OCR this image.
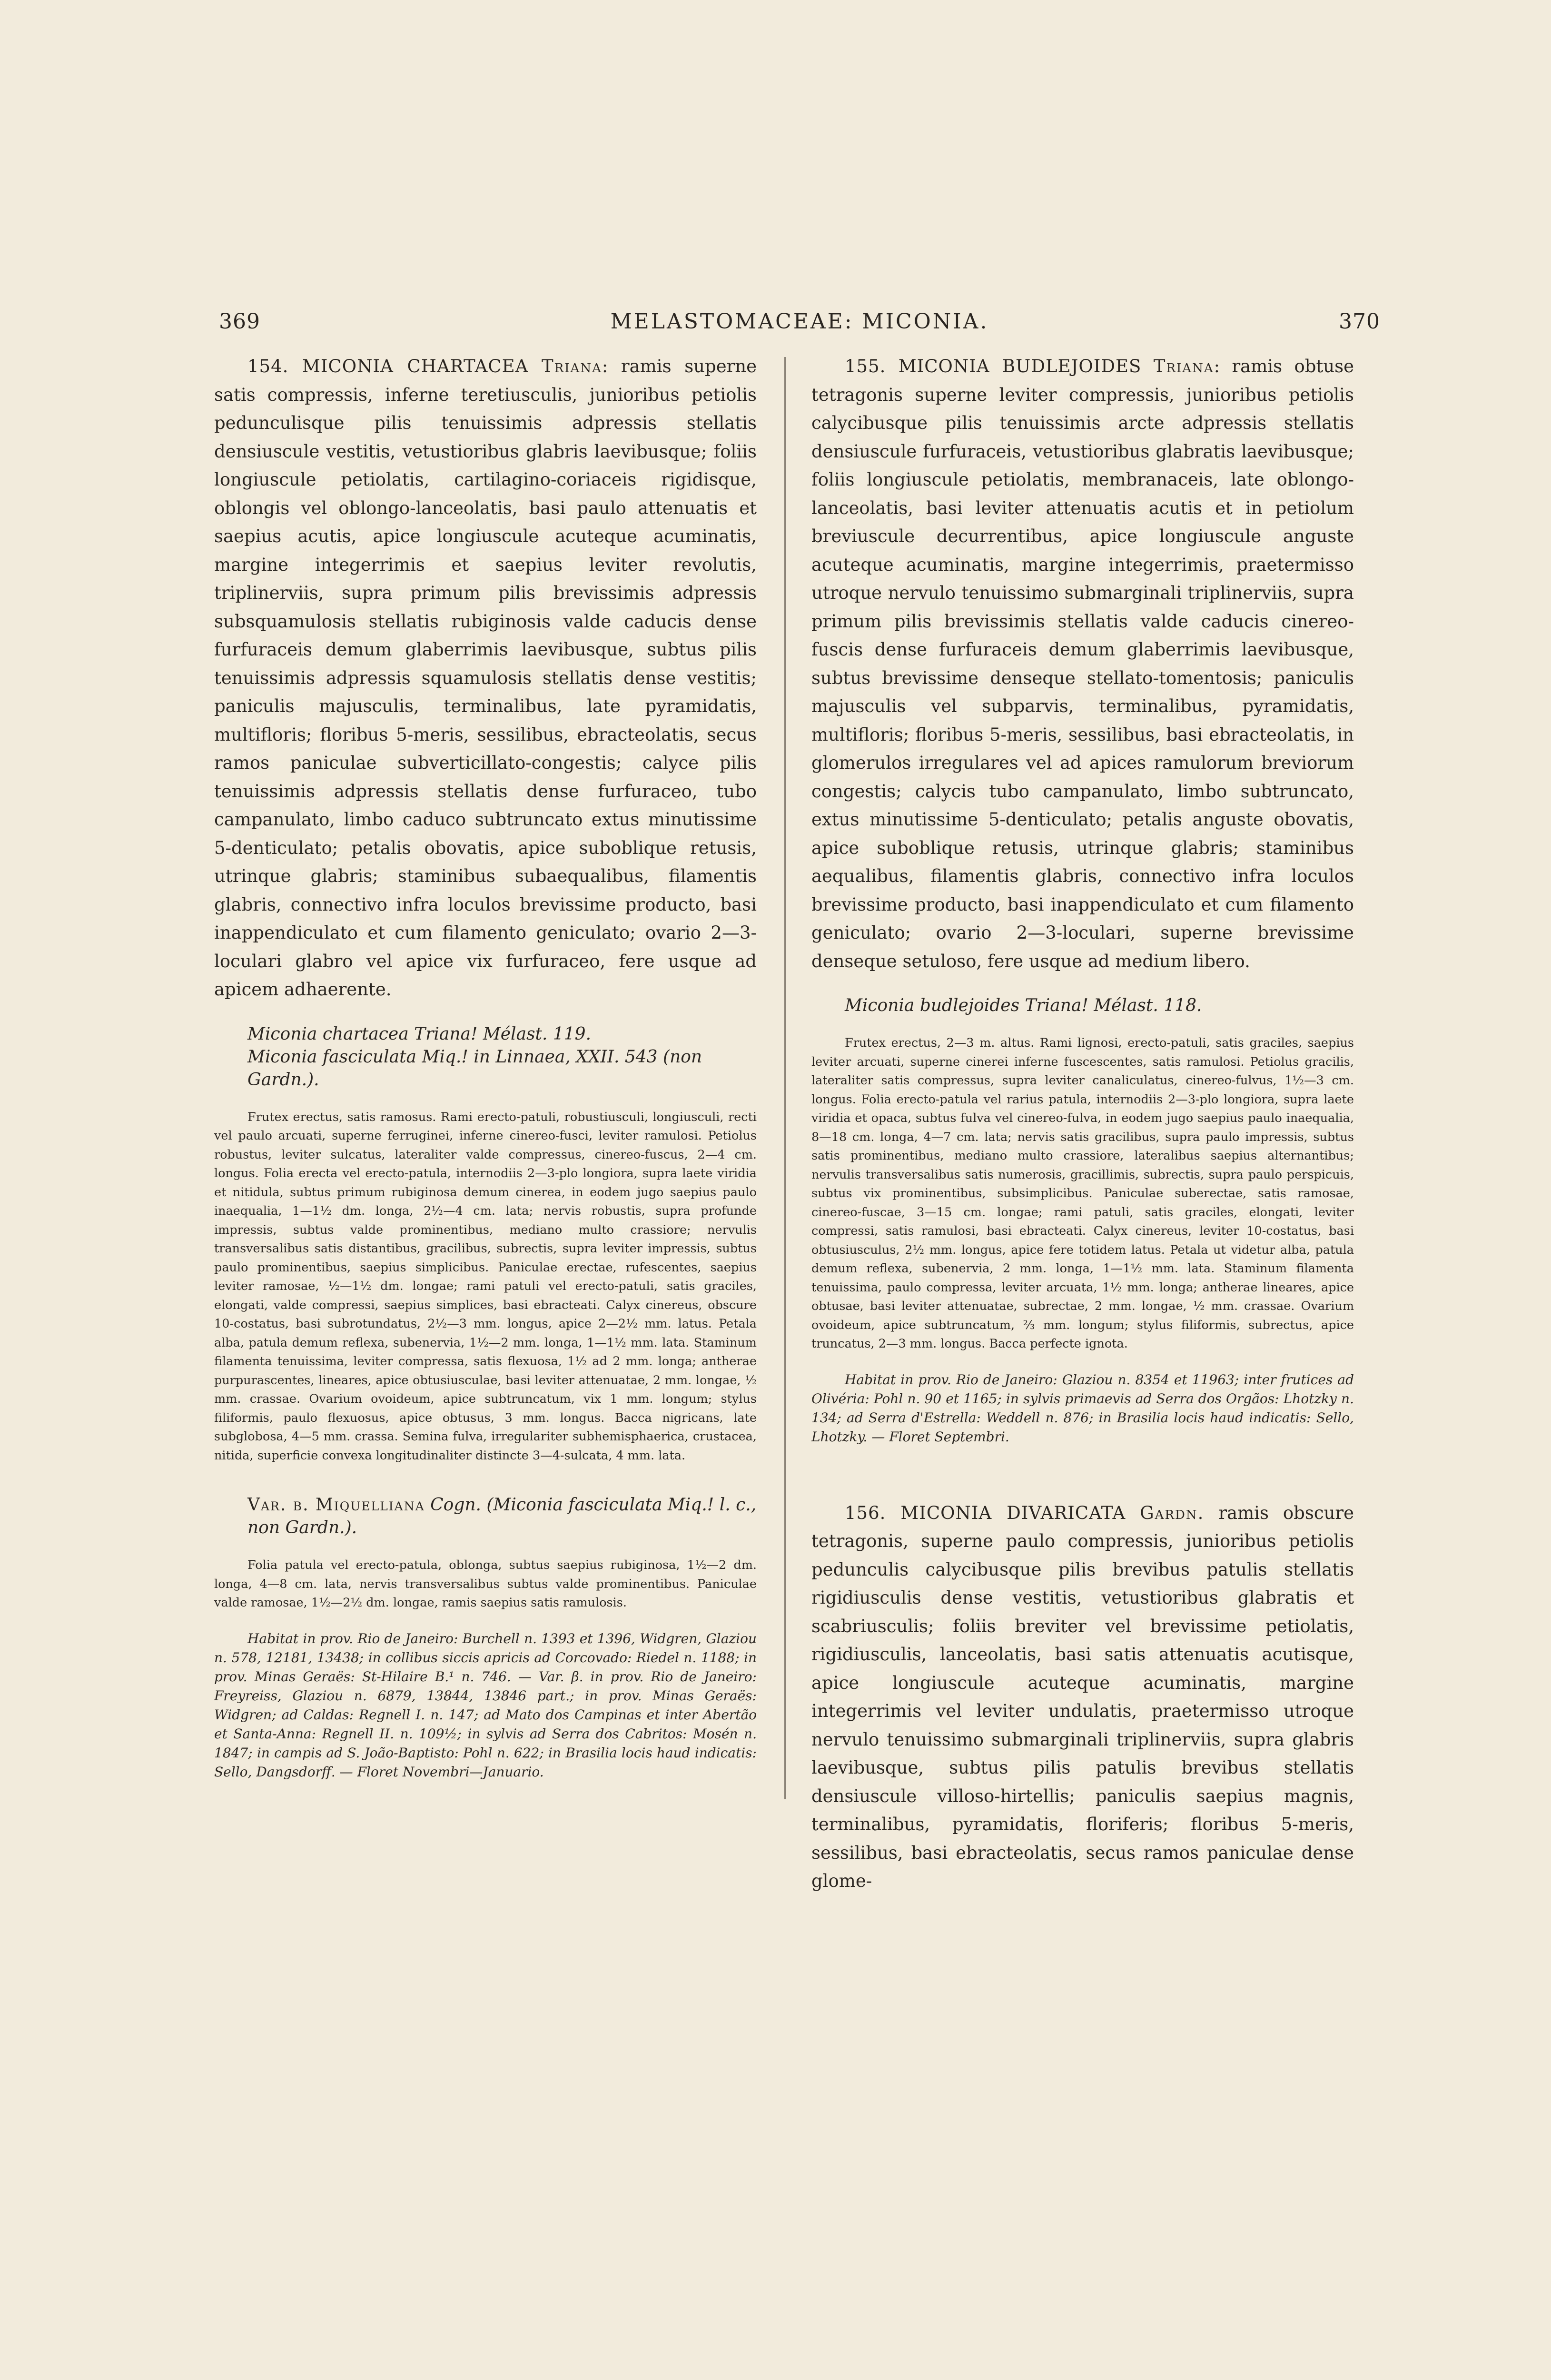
369	MELASTOMACEAE: MICONIA.	370

154. MICONIA CHARTACEA Triana: ramis superne satis compressis, inferne teretiusculis, junioribus petiolis pedunculisque pilis tenuissimis adpressis stellatis densiuscule vestitis, vetustioribus glabris laevibusque; foliis longiuscule petiolatis, cartilagino-coriaceis rigidisque, oblongis vel oblongo-lanceolatis, basi paulo attenuatis et saepius acutis, apice longiuscule acuteque acuminatis, margine integerrimis et saepius leviter revolutis, triplinerviis, supra primum pilis brevissimis adpressis subsquamulosis stellatis rubiginosis valde caducis dense furfuraceis demum glaberrimis laevibusque, subtus pilis tenuissimis adpressis squamulosis stellatis dense vestitis; paniculis majusculis, terminalibus, late pyramidatis, multifloris; floribus 5-meris, sessilibus, ebracteolatis, secus ramos paniculae subverticillato-congestis; calyce pilis tenuissimis adpressis stellatis dense furfuraceo, tubo campanulato, limbo caduco subtruncato extus minutissime 5-denticulato; petalis obovatis, apice suboblique retusis, utrinque glabris; staminibus subaequalibus, filamentis glabris, connectivo infra loculos brevissime producto, basi inappendiculato et cum filamento geniculato; ovario 2—3-loculari glabro vel apice vix furfuraceo, fere usque ad apicem adhaerente.

Miconia chartacea Triana! Mélast. 119.
Miconia fasciculata Miq.! in Linnaea, XXII. 543 (non Gardn.).

Frutex erectus, satis ramosus. Rami erecto-patuli, robustiusculi, longiusculi, recti vel paulo arcuati, superne ferruginei, inferne cinereo-fusci, leviter ramulosi. Petiolus robustus, leviter sulcatus, lateraliter valde compressus, cinereo-fuscus, 2—4 cm. longus. Folia erecta vel erecto-patula, internodiis 2—3-plo longiora, supra laete viridia et nitidula, subtus primum rubiginosa demum cinerea, in eodem jugo saepius paulo inaequalia, 1—1½ dm. longa, 2½—4 cm. lata; nervis robustis, supra profunde impressis, subtus valde prominentibus, mediano multo crassiore; nervulis transversalibus satis distantibus, gracilibus, subrectis, supra leviter impressis, subtus paulo prominentibus, saepius simplicibus. Paniculae erectae, rufescentes, saepius leviter ramosae, ½—1½ dm. longae; rami patuli vel erecto-patuli, satis graciles, elongati, valde compressi, saepius simplices, basi ebracteati. Calyx cinereus, obscure 10-costatus, basi subrotundatus, 2½—3 mm. longus, apice 2—2½ mm. latus. Petala alba, patula demum reflexa, subenervia, 1½—2 mm. longa, 1—1½ mm. lata. Staminum filamenta tenuissima, leviter compressa, satis flexuosa, 1½ ad 2 mm. longa; antherae purpurascentes, lineares, apice obtusiusculae, basi leviter attenuatae, 2 mm. longae, ½ mm. crassae. Ovarium ovoideum, apice subtruncatum, vix 1 mm. longum; stylus filiformis, paulo flexuosus, apice obtusus, 3 mm. longus. Bacca nigricans, late subglobosa, 4—5 mm. crassa. Semina fulva, irregulariter subhemisphaerica, crustacea, nitida, superficie convexa longitudinaliter distincte 3—4-sulcata, 4 mm. lata.

Var. β. Miquelliana Cogn. (Miconia fasciculata Miq.! l. c., non Gardn.).

Folia patula vel erecto-patula, oblonga, subtus saepius rubiginosa, 1½—2 dm. longa, 4—8 cm. lata, nervis transversalibus subtus valde prominentibus. Paniculae valde ramosae, 1½—2½ dm. longae, ramis saepius satis ramulosis.

Habitat in prov. Rio de Janeiro: Burchell n. 1393 et 1396, Widgren, Glaziou n. 578, 12181, 13438; in collibus siccis apricis ad Corcovado: Riedel n. 1188; in prov. Minas Geraës: St-Hilaire B.¹ n. 746. — Var. β. in prov. Rio de Janeiro: Freyreiss, Glaziou n. 6879, 13844, 13846 part.; in prov. Minas Geraës: Widgren; ad Caldas: Regnell I. n. 147; ad Mato dos Campinas et inter Abertão et Santa-Anna: Regnell II. n. 109½; in sylvis ad Serra dos Cabritos: Mosén n. 1847; in campis ad S. João-Baptisto: Pohl n. 622; in Brasilia locis haud indicatis: Sello, Dangsdorff. — Floret Novembri—Januario.

155. MICONIA BUDLEJOIDES Triana: ramis obtuse tetragonis superne leviter compressis, junioribus petiolis calycibusque pilis tenuissimis arcte adpressis stellatis densiuscule furfuraceis, vetustioribus glabratis laevibusque; foliis longiuscule petiolatis, membranaceis, late oblongo-lanceolatis, basi leviter attenuatis acutis et in petiolum breviuscule decurrentibus, apice longiuscule anguste acuteque acuminatis, margine integerrimis, praetermisso utroque nervulo tenuissimo submarginali triplinerviis, supra primum pilis brevissimis stellatis valde caducis cinereo-fuscis dense furfuraceis demum glaberrimis laevibusque, subtus brevissime denseque stellato-tomentosis; paniculis majusculis vel subparvis, terminalibus, pyramidatis, multifloris; floribus 5-meris, sessilibus, basi ebracteolatis, in glomerulos irregulares vel ad apices ramulorum breviorum congestis; calycis tubo campanulato, limbo subtruncato, extus minutissime 5-denticulato; petalis anguste obovatis, apice suboblique retusis, utrinque glabris; staminibus aequalibus, filamentis glabris, connectivo infra loculos brevissime producto, basi inappendiculato et cum filamento geniculato; ovario 2—3-loculari, superne brevissime denseque setuloso, fere usque ad medium libero.

Miconia budlejoides Triana! Mélast. 118.

Frutex erectus, 2—3 m. altus. Rami lignosi, erecto-patuli, satis graciles, saepius leviter arcuati, superne cinerei inferne fuscescentes, satis ramulosi. Petiolus gracilis, lateraliter satis compressus, supra leviter canaliculatus, cinereo-fulvus, 1½—3 cm. longus. Folia erecto-patula vel rarius patula, internodiis 2—3-plo longiora, supra laete viridia et opaca, subtus fulva vel cinereo-fulva, in eodem jugo saepius paulo inaequalia, 8—18 cm. longa, 4—7 cm. lata; nervis satis gracilibus, supra paulo impressis, subtus satis prominentibus, mediano multo crassiore, lateralibus saepius alternantibus; nervulis transversalibus satis numerosis, gracillimis, subrectis, supra paulo perspicuis, subtus vix prominentibus, subsimplicibus. Paniculae suberectae, satis ramosae, cinereo-fuscae, 3—15 cm. longae; rami patuli, satis graciles, elongati, leviter compressi, satis ramulosi, basi ebracteati. Calyx cinereus, leviter 10-costatus, basi obtusiusculus, 2½ mm. longus, apice fere totidem latus. Petala ut videtur alba, patula demum reflexa, subenervia, 2 mm. longa, 1—1½ mm. lata. Staminum filamenta tenuissima, paulo compressa, leviter arcuata, 1½ mm. longa; antherae lineares, apice obtusae, basi leviter attenuatae, subrectae, 2 mm. longae, ½ mm. crassae. Ovarium ovoideum, apice subtruncatum, ⅔ mm. longum; stylus filiformis, subrectus, apice truncatus, 2—3 mm. longus. Bacca perfecte ignota.

Habitat in prov. Rio de Janeiro: Glaziou n. 8354 et 11963; inter frutices ad Olivéria: Pohl n. 90 et 1165; in sylvis primaevis ad Serra dos Orgãos: Lhotzky n. 134; ad Serra d'Estrella: Weddell n. 876; in Brasilia locis haud indicatis: Sello, Lhotzky. — Floret Septembri.

156. MICONIA DIVARICATA Gardn. ramis obscure tetragonis, superne paulo compressis, junioribus petiolis pedunculis calycibusque pilis brevibus patulis stellatis rigidiusculis dense vestitis, vetustioribus glabratis et scabriusculis; foliis breviter vel brevissime petiolatis, rigidiusculis, lanceolatis, basi satis attenuatis acutisque, apice longiuscule acuteque acuminatis, margine integerrimis vel leviter undulatis, praetermisso utroque nervulo tenuissimo submarginali triplinerviis, supra glabris laevibusque, subtus pilis patulis brevibus stellatis densiuscule villoso-hirtellis; paniculis saepius magnis, terminalibus, pyramidatis, floriferis; floribus 5-meris, sessilibus, basi ebracteolatis, secus ramos paniculae dense glome-
